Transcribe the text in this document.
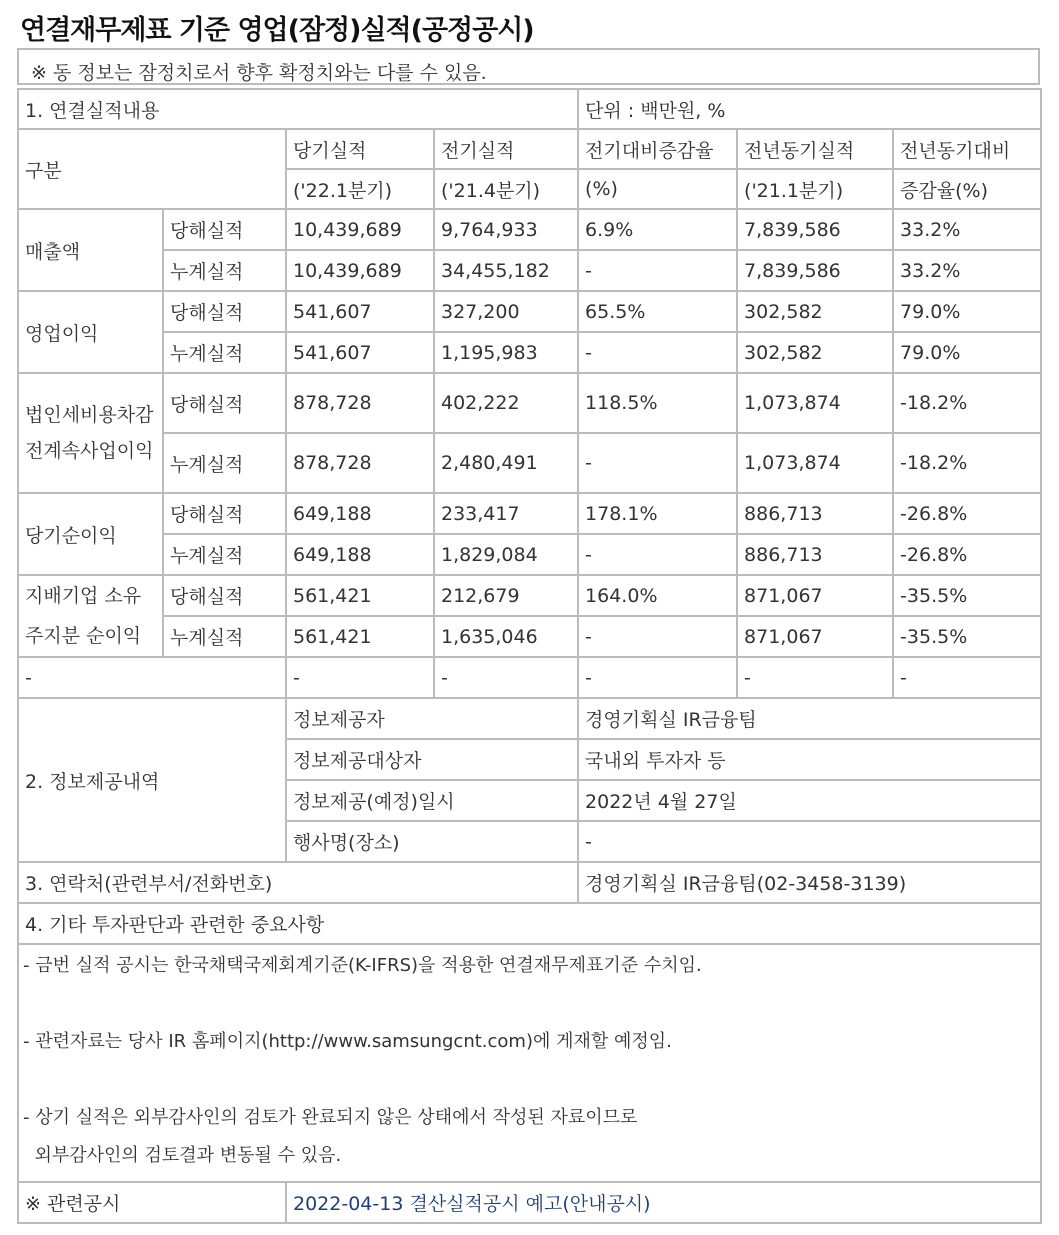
연결재무제표 기준 영업(잠정)실적(공정공시)
※ 동 정보는 잠정치로서 향후 확정치와는 다를 수 있음.
1. 연결실적내용				단위 : 백만원, %		
구분		당기실적	전기실적	전기대비증감율	전년동기실적	전년동기대비
		('22.1분기)	('21.4분기)	(%)	('21.1분기)	증감율(%)
매출액	당해실적	10,439,689	9,764,933	6.9%	7,839,586	33.2%
	누계실적	10,439,689	34,455,182	-	7,839,586	33.2%
영업이익	당해실적	541,607	327,200	65.5%	302,582	79.0%
	누계실적	541,607	1,195,983	-	302,582	79.0%
법인세비용차감전계속사업이익	당해실적	878,728	402,222	118.5%	1,073,874	-18.2%
	누계실적	878,728	2,480,491	-	1,073,874	-18.2%
당기순이익	당해실적	649,188	233,417	178.1%	886,713	-26.8%
	누계실적	649,188	1,829,084	-	886,713	-26.8%
지배기업 소유주지분 순이익	당해실적	561,421	212,679	164.0%	871,067	-35.5%
	누계실적	561,421	1,635,046	-	871,067	-35.5%
-		-	-	-	-	-
2. 정보제공내역		정보제공자		경영기획실 IR금융팀		
		정보제공대상자		국내외 투자자 등		
		정보제공(예정)일시		2022년 4월 27일		
		행사명(장소)		-		
3. 연락처(관련부서/전화번호)				경영기획실 IR금융팀(02-3458-3139)		
4. 기타 투자판단과 관련한 중요사항						

- 금번 실적 공시는 한국채택국제회계기준(K-IFRS)을 적용한 연결재무제표기준 수치임.

- 관련자료는 당사 IR 홈페이지(http://www.samsungcnt.com)에 게재할 예정임.

- 상기 실적은 외부감사인의 검토가 완료되지 않은 상태에서 작성된 자료이므로
외부감사인의 검토결과 변동될 수 있음.						

※ 관련공시		2022-04-13 결산실적공시 예고(안내공시)				
